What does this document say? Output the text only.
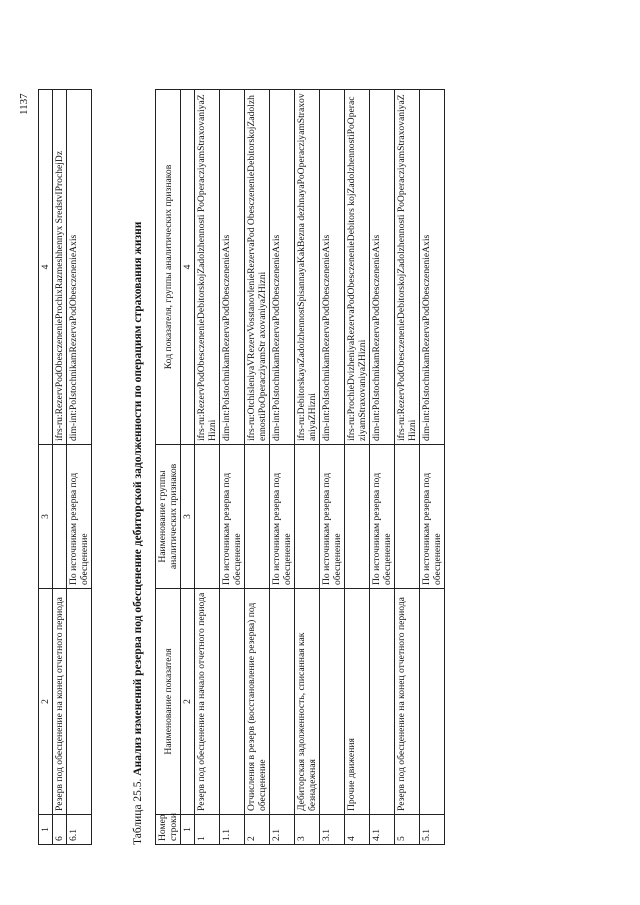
1137
1	2	3	4
6	Резерв под обесценение на конец отчетного периода		ifrs-ru:RezervPodObesczenenieProchixRazmeshhennyx SredstvIProchejDz
6.1		По источникам резерва под обесценение	dim-int:PoIstochnikamRezervaPodObesczenenieAxis
Таблица 25.5. Анализ изменений резерва под обесценение дебиторской задолженности по операциям страхования жизни
Номер строки	Наименование показателя	Наименование группы аналитических признаков	Код показателя, группы аналитических признаков
1	2	3	4
1	Резерв под обесценение на начало отчетного периода		ifrs-ru:RezervPodObesczenenieDebitorskojZadolzhennosti PoOperacziyamStraxovaniyaZHizni
1.1		По источникам резерва под обесценение	dim-int:PoIstochnikamRezervaPodObesczenenieAxis
2	Отчисления в резерв (восстановление резерва) под обесценение		ifrs-ru:OtchisleniyaVRezervVosstanovlenieRezervaPod ObesczenenieDebitorskojZadolzhennostiPoOperacziyamStr axovaniyaZHizni
2.1		По источникам резерва под обесценение	dim-int:PoIstochnikamRezervaPodObesczenenieAxis
3	Дебиторская задолженность, списанная как безнадежная		ifrs-ru:DebitorskayaZadolzhennostSpisannayaKakBezna dezhnayaPoOperacziyamStraxovaniyaZHizni
3.1		По источникам резерва под обесценение	dim-int:PoIstochnikamRezervaPodObesczenenieAxis
4	Прочие движения		ifrs-ru:ProchieDvizheniyaRezervaPodObesczenenieDebitors kojZadolzhennostiPoOperacziyamStraxovaniyaZHizni
4.1		По источникам резерва под обесценение	dim-int:PoIstochnikamRezervaPodObesczenenieAxis
5	Резерв под обесценение на конец отчетного периода		ifrs-ru:RezervPodObesczenenieDebitorskojZadolzhennosti PoOperacziyamStraxovaniyaZHizni
5.1		По источникам резерва под обесценение	dim-int:PoIstochnikamRezervaPodObesczenenieAxis
